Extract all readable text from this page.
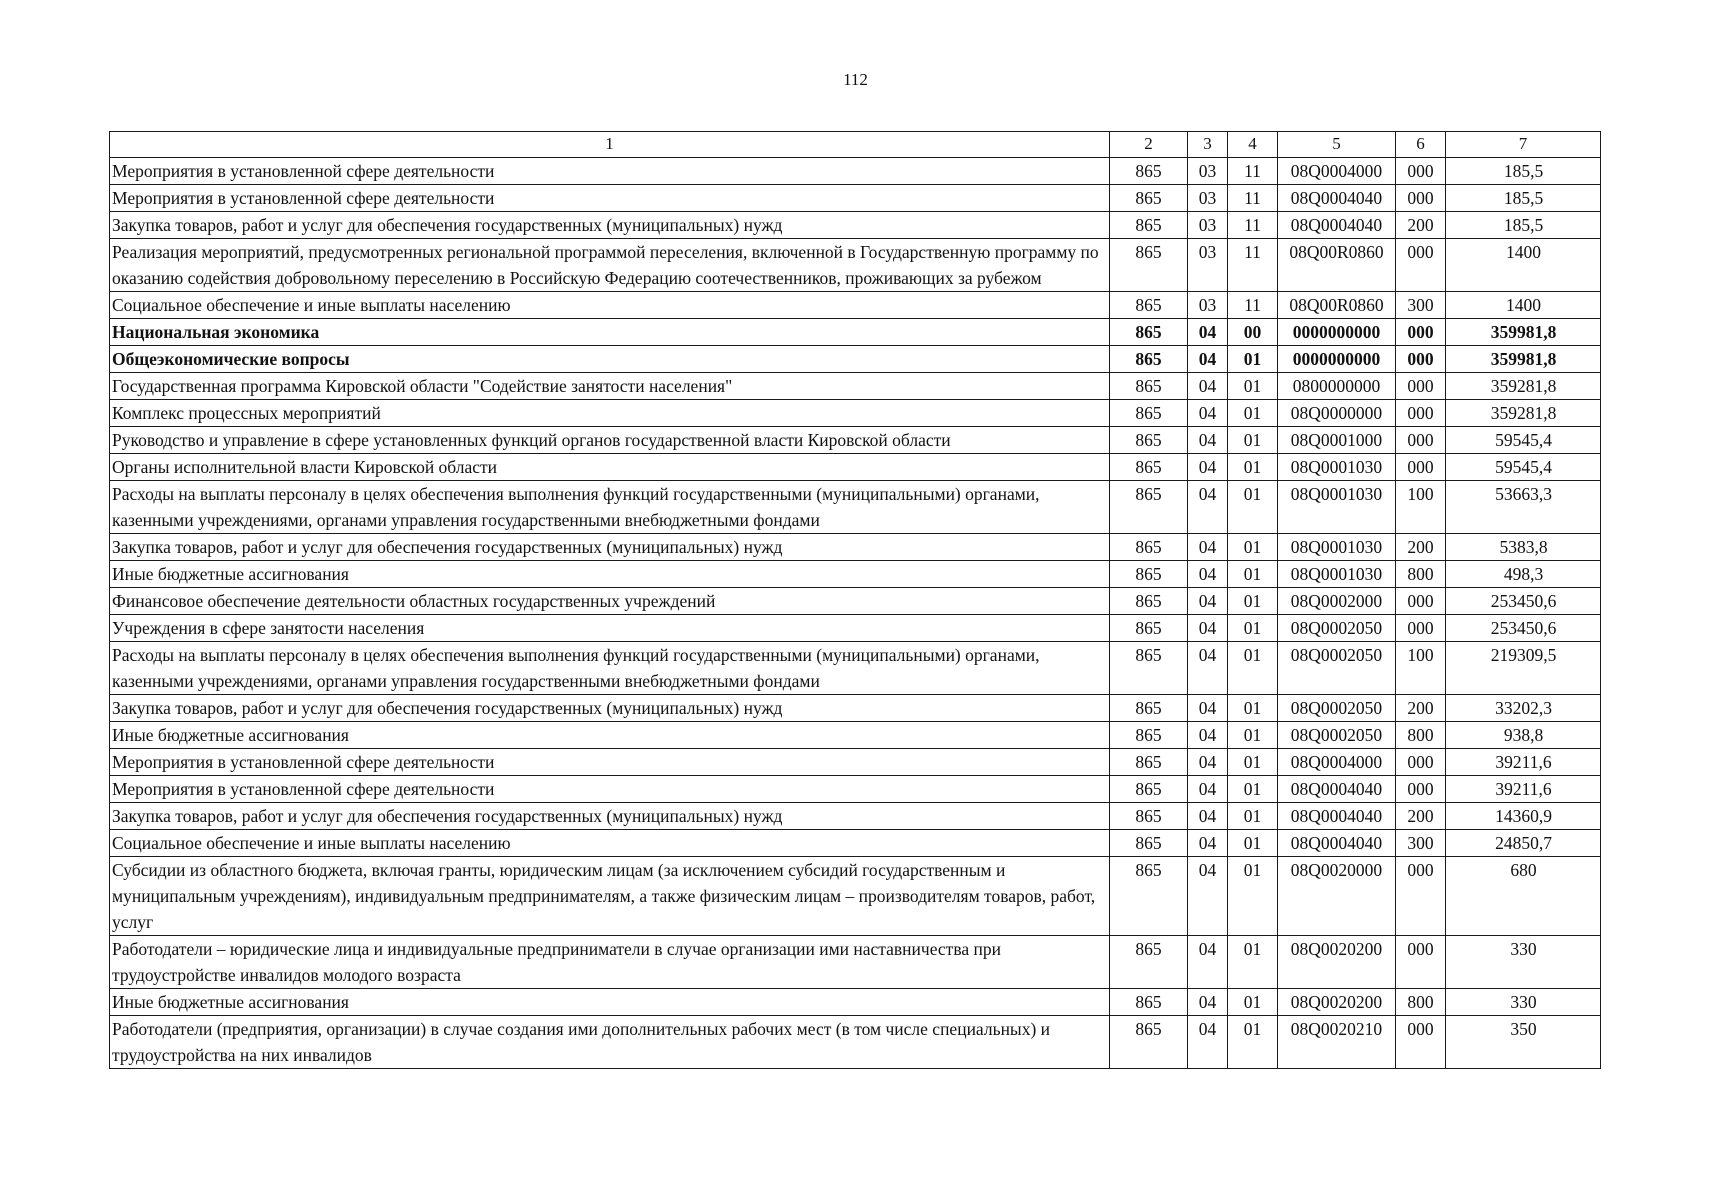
112
1	2	3	4	5	6	7
Мероприятия в установленной сфере деятельности	865	03	11	08Q0004000	000	185,5
Мероприятия в установленной сфере деятельности	865	03	11	08Q0004040	000	185,5
Закупка товаров, работ и услуг для обеспечения государственных (муниципальных) нужд	865	03	11	08Q0004040	200	185,5
Реализация мероприятий, предусмотренных региональной программой переселения, включенной в Государственную программу по оказанию содействия добровольному переселению в Российскую Федерацию соотечественников, проживающих за рубежом	865	03	11	08Q00R0860	000	1400
Социальное обеспечение и иные выплаты населению	865	03	11	08Q00R0860	300	1400
Национальная экономика	865	04	00	0000000000	000	359981,8
Общеэкономические вопросы	865	04	01	0000000000	000	359981,8
Государственная программа Кировской области "Содействие занятости населения"	865	04	01	0800000000	000	359281,8
Комплекс процессных мероприятий	865	04	01	08Q0000000	000	359281,8
Руководство и управление в сфере установленных функций органов государственной власти Кировской области	865	04	01	08Q0001000	000	59545,4
Органы исполнительной власти Кировской области	865	04	01	08Q0001030	000	59545,4
Расходы на выплаты персоналу в целях обеспечения выполнения функций государственными (муниципальными) органами, казенными учреждениями, органами управления государственными внебюджетными фондами	865	04	01	08Q0001030	100	53663,3
Закупка товаров, работ и услуг для обеспечения государственных (муниципальных) нужд	865	04	01	08Q0001030	200	5383,8
Иные бюджетные ассигнования	865	04	01	08Q0001030	800	498,3
Финансовое обеспечение деятельности областных государственных учреждений	865	04	01	08Q0002000	000	253450,6
Учреждения в сфере занятости населения	865	04	01	08Q0002050	000	253450,6
Расходы на выплаты персоналу в целях обеспечения выполнения функций государственными (муниципальными) органами, казенными учреждениями, органами управления государственными внебюджетными фондами	865	04	01	08Q0002050	100	219309,5
Закупка товаров, работ и услуг для обеспечения государственных (муниципальных) нужд	865	04	01	08Q0002050	200	33202,3
Иные бюджетные ассигнования	865	04	01	08Q0002050	800	938,8
Мероприятия в установленной сфере деятельности	865	04	01	08Q0004000	000	39211,6
Мероприятия в установленной сфере деятельности	865	04	01	08Q0004040	000	39211,6
Закупка товаров, работ и услуг для обеспечения государственных (муниципальных) нужд	865	04	01	08Q0004040	200	14360,9
Социальное обеспечение и иные выплаты населению	865	04	01	08Q0004040	300	24850,7
Субсидии из областного бюджета, включая гранты, юридическим лицам (за исключением субсидий государственным и муниципальным учреждениям), индивидуальным предпринимателям, а также физическим лицам – производителям товаров, работ, услуг	865	04	01	08Q0020000	000	680
Работодатели – юридические лица и индивидуальные предприниматели в случае организации ими наставничества при трудоустройстве инвалидов молодого возраста	865	04	01	08Q0020200	000	330
Иные бюджетные ассигнования	865	04	01	08Q0020200	800	330
Работодатели (предприятия, организации) в случае создания ими дополнительных рабочих мест (в том числе специальных) и трудоустройства на них инвалидов	865	04	01	08Q0020210	000	350
